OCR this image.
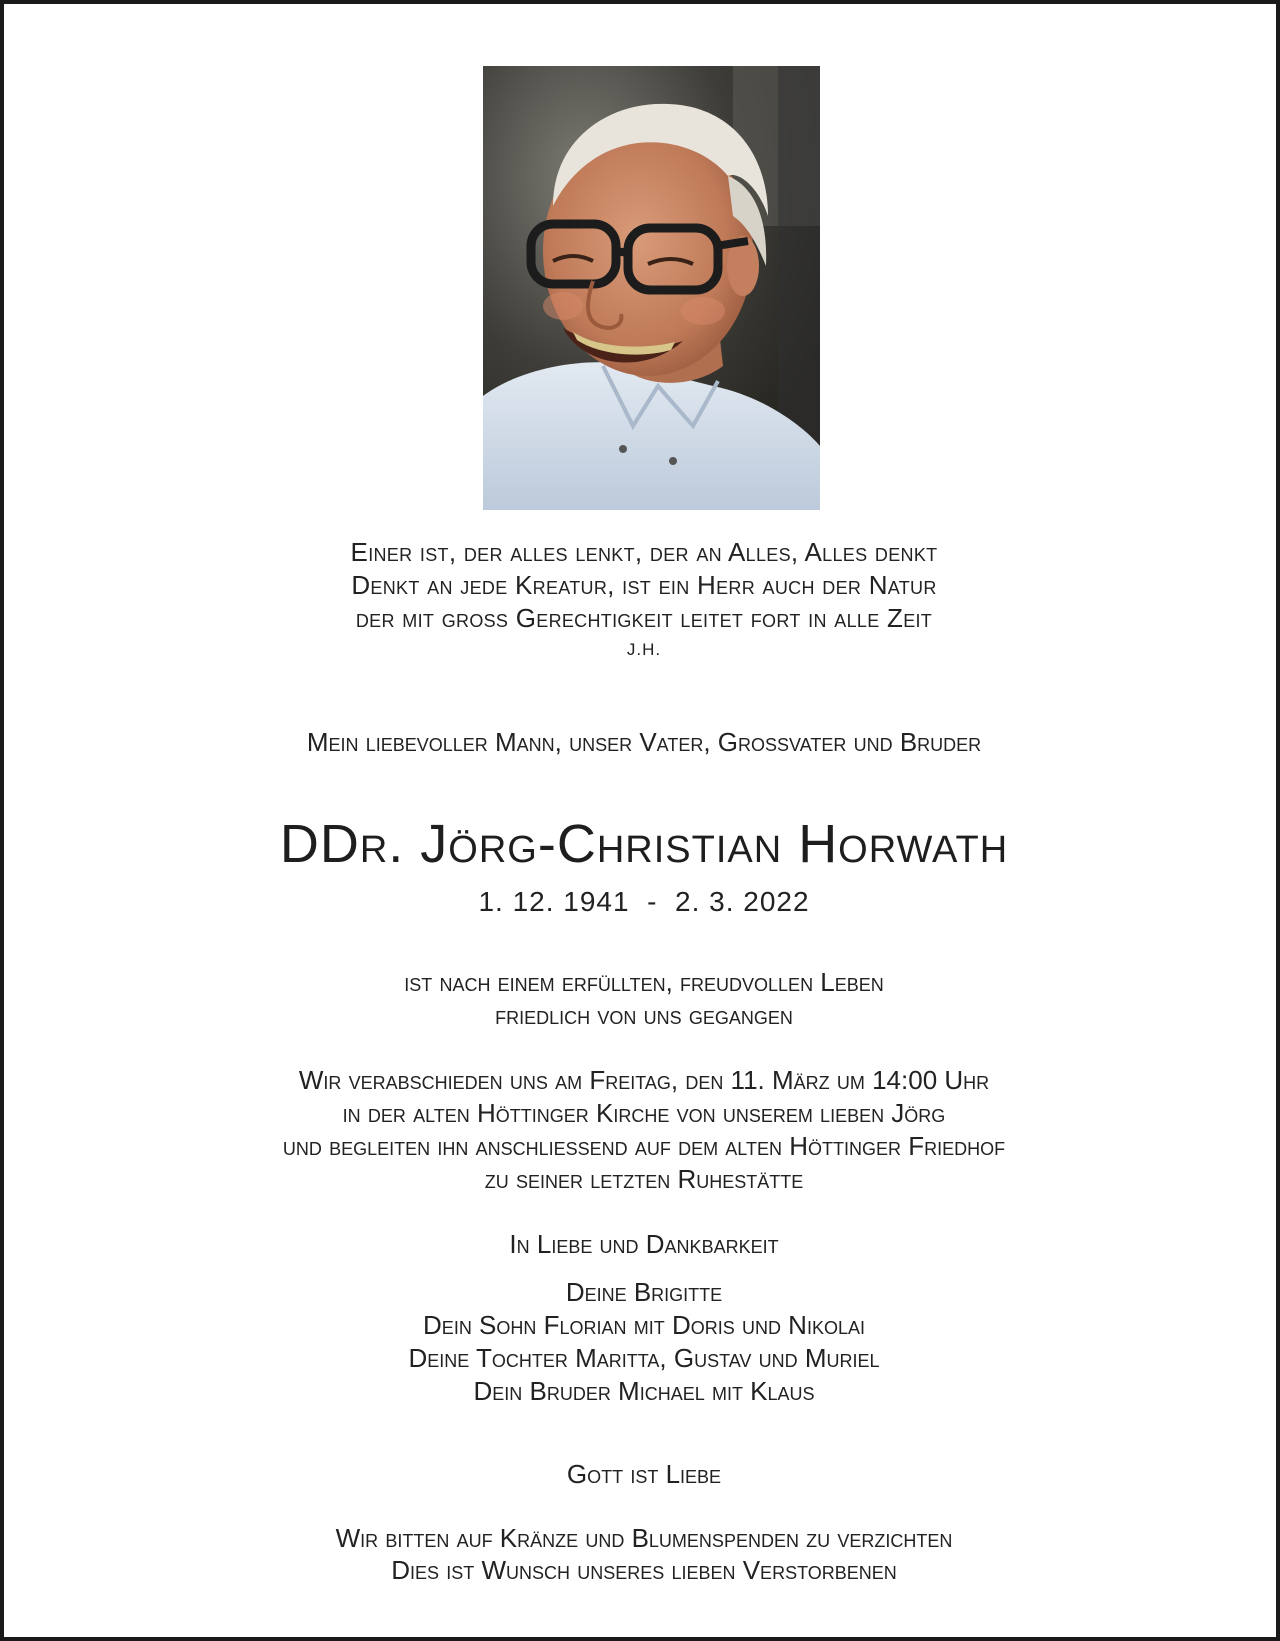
Einer ist, der alles lenkt, der an Alles, Alles denkt
Denkt an jede Kreatur, ist ein Herr auch der Natur
der mit gross Gerechtigkeit leitet fort in alle Zeit
J.H.
Mein liebevoller Mann, unser Vater, Grossvater und Bruder
DDr. Jörg-Christian Horwath
1. 12. 1941  -  2. 3. 2022
ist nach einem erfüllten, freudvollen Leben
friedlich von uns gegangen
Wir verabschieden uns am Freitag, den 11. März um 14:00 Uhr
in der alten Höttinger Kirche von unserem lieben Jörg
und begleiten ihn anschliessend auf dem alten Höttinger Friedhof
zu seiner letzten Ruhestätte
In Liebe und Dankbarkeit
Deine Brigitte
Dein Sohn Florian mit Doris und Nikolai
Deine Tochter Maritta, Gustav und Muriel
Dein Bruder Michael mit Klaus
Gott ist Liebe
Wir bitten auf Kränze und Blumenspenden zu verzichten
Dies ist Wunsch unseres lieben Verstorbenen
